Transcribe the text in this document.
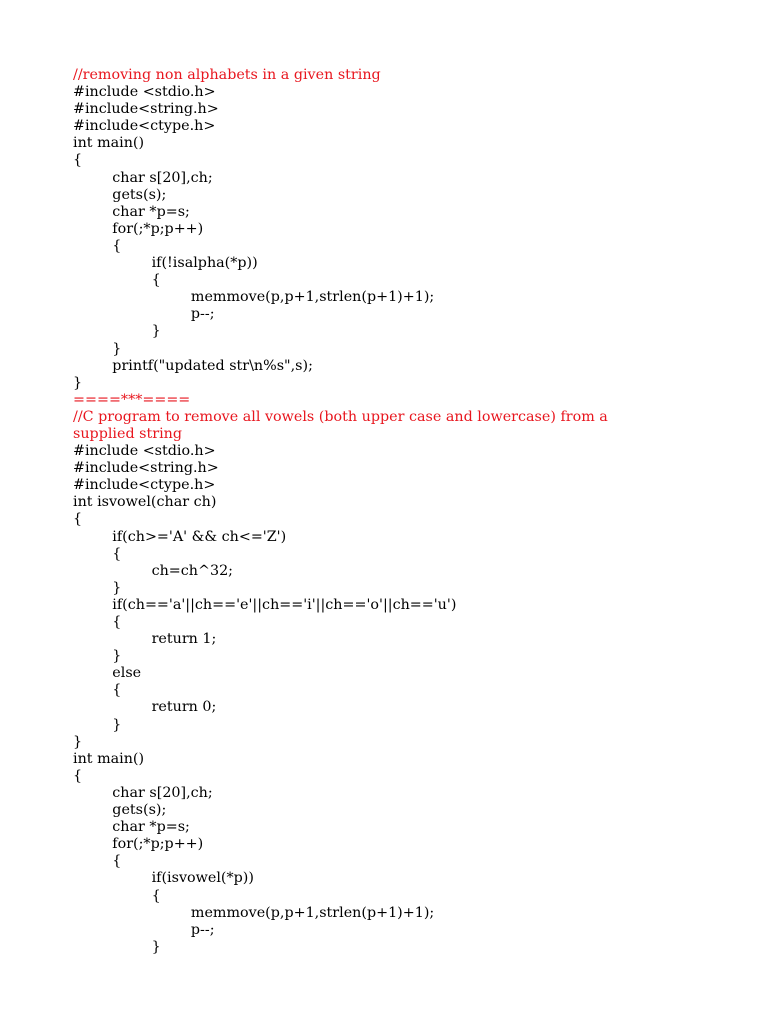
//removing non alphabets in a given string
#include <stdio.h>
#include<string.h>
#include<ctype.h>
int main()
{
char s[20],ch;
gets(s);
char *p=s;
for(;*p;p++)
{
if(!isalpha(*p))
{
memmove(p,p+1,strlen(p+1)+1);
p--;
}
}
printf("updated str\n%s",s);
}
====***====
//C program to remove all vowels (both upper case and lowercase) from a
supplied string
#include <stdio.h>
#include<string.h>
#include<ctype.h>
int isvowel(char ch)
{
if(ch>='A' && ch<='Z')
{
ch=ch^32;
}
if(ch=='a'||ch=='e'||ch=='i'||ch=='o'||ch=='u')
{
return 1;
}
else
{
return 0;
}
}
int main()
{
char s[20],ch;
gets(s);
char *p=s;
for(;*p;p++)
{
if(isvowel(*p))
{
memmove(p,p+1,strlen(p+1)+1);
p--;
}
